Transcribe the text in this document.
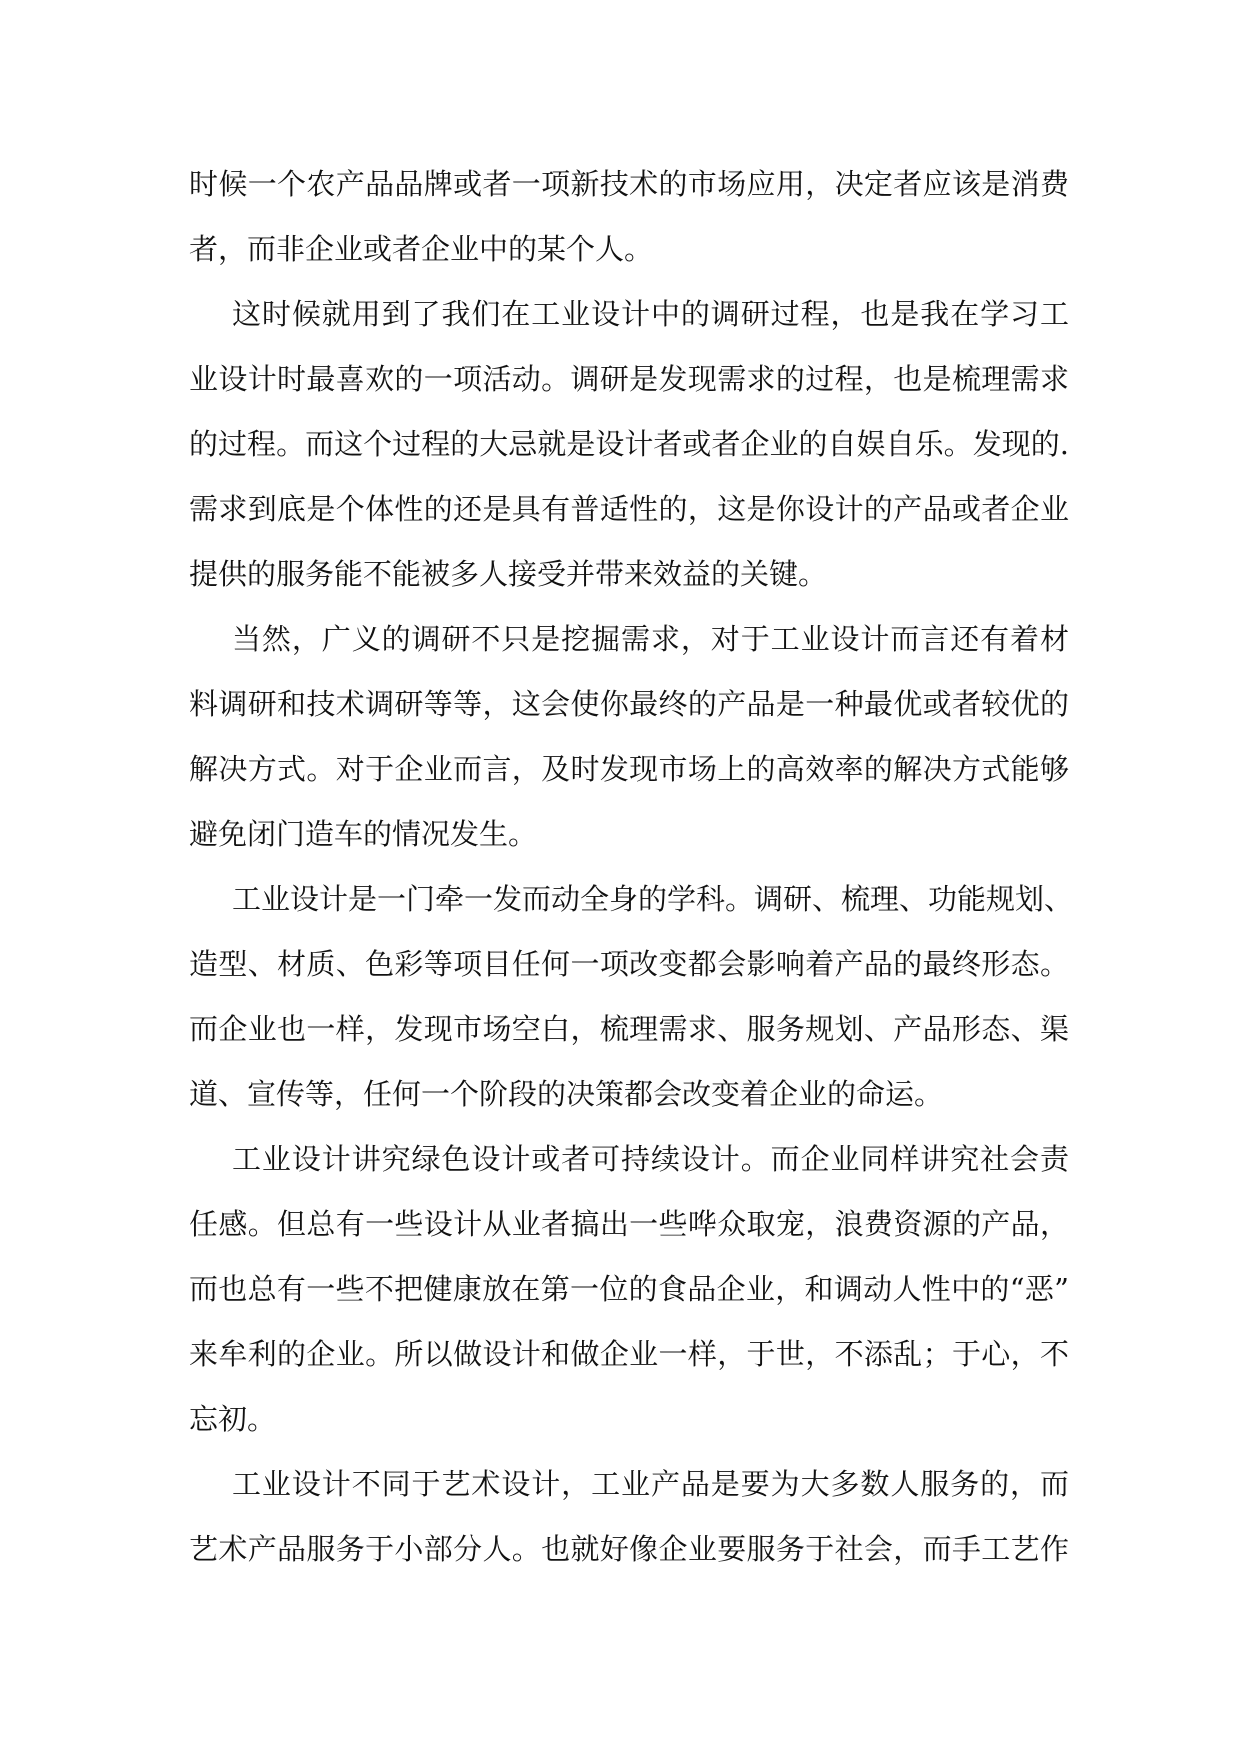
时候一个农产品品牌或者一项新技术的市场应用，决定者应该是消费
者，而非企业或者企业中的某个人。
这时候就用到了我们在工业设计中的调研过程，也是我在学习工
业设计时最喜欢的一项活动。调研是发现需求的过程，也是梳理需求
的过程。而这个过程的大忌就是设计者或者企业的自娱自乐。发现的.
需求到底是个体性的还是具有普适性的，这是你设计的产品或者企业
提供的服务能不能被多人接受并带来效益的关键。
当然，广义的调研不只是挖掘需求，对于工业设计而言还有着材
料调研和技术调研等等，这会使你最终的产品是一种最优或者较优的
解决方式。对于企业而言，及时发现市场上的高效率的解决方式能够
避免闭门造车的情况发生。
工业设计是一门牵一发而动全身的学科。调研、梳理、功能规划、
造型、材质、色彩等项目任何一项改变都会影响着产品的最终形态。
而企业也一样，发现市场空白，梳理需求、服务规划、产品形态、渠
道、宣传等，任何一个阶段的决策都会改变着企业的命运。
工业设计讲究绿色设计或者可持续设计。而企业同样讲究社会责
任感。但总有一些设计从业者搞出一些哗众取宠，浪费资源的产品，
而也总有一些不把健康放在第一位的食品企业，和调动人性中的“恶”
来牟利的企业。所以做设计和做企业一样，于世，不添乱；于心，不
忘初。
工业设计不同于艺术设计，工业产品是要为大多数人服务的，而
艺术产品服务于小部分人。也就好像企业要服务于社会，而手工艺作
